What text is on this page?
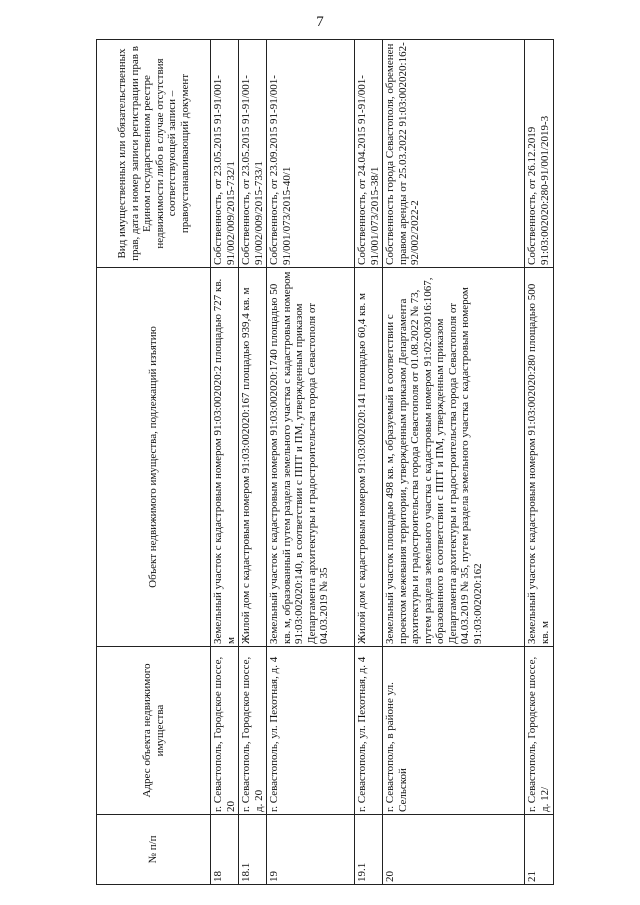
7
№ п/п	Адрес объекта недвижимого имущества	Объект недвижимого имущества, подлежащий изъятию	Вид имущественных или обязательственных прав, дата и номер записи регистрации прав в Едином государственном реестре недвижимости либо в случае отсутствия соответствующей записи – правоустанавливающий документ
18	г. Севастополь, Городское шоссе, 20	Земельный участок с кадастровым номером 91:03:002020:2 площадью 727 кв. м	Собственность, от 23.05.2015 91-91/001-91/002/009/2015-732/1
18.1	г. Севастополь, Городское шоссе, д. 20	Жилой дом с кадастровым номером 91:03:002020:167 площадью 939,4 кв. м	Собственность, от 23.05.2015 91-91/001-91/002/009/2015-733/1
19	г. Севастополь, ул. Пехотная, д. 4	Земельный участок с кадастровым номером 91:03:002020:1740 площадью 50 кв. м, образованный путем раздела земельного участка с кадастровым номером 91:03:002020:140, в соответствии с ППТ и ПМ, утвержденным приказом Департамента архитектуры и градостроительства города Севастополя от 04.03.2019 № 35	Собственность, от 23.09.2015 91-91/001-91/001/073/2015-40/1
19.1	г. Севастополь, ул. Пехотная, д. 4	Жилой дом с кадастровым номером 91:03:002020:141 площадью 60,4 кв. м	Собственность, от 24.04.2015 91-91/001-91/001/073/2015-38/1
20	г. Севастополь, в районе ул. Сельской	Земельный участок площадью 498 кв. м, образуемый в соответствии с проектом межевания территории, утвержденным приказом Департамента архитектуры и градостроительства города Севастополя от 01.08.2022 № 73, путем раздела земельного участка с кадастровым номером 91:02:003016:1067, образованного в соответствии с ППТ и ПМ, утвержденным приказом Департамента архитектуры и градостроительства города Севастополя от 04.03.2019 № 35, путем раздела земельного участка с кадастровым номером 91:03:002020:162	Собственность города Севастополя, обременен правом аренды от 25.03.2022 91:03:002020:162-92/002/2022-2
21	г. Севастополь, Городское шоссе, д. 12/	Земельный участок с кадастровым номером 91:03:002020:280 площадью 500 кв. м	Собственность, от 26.12.2019 91:03:002020:280-91/001/2019-3
